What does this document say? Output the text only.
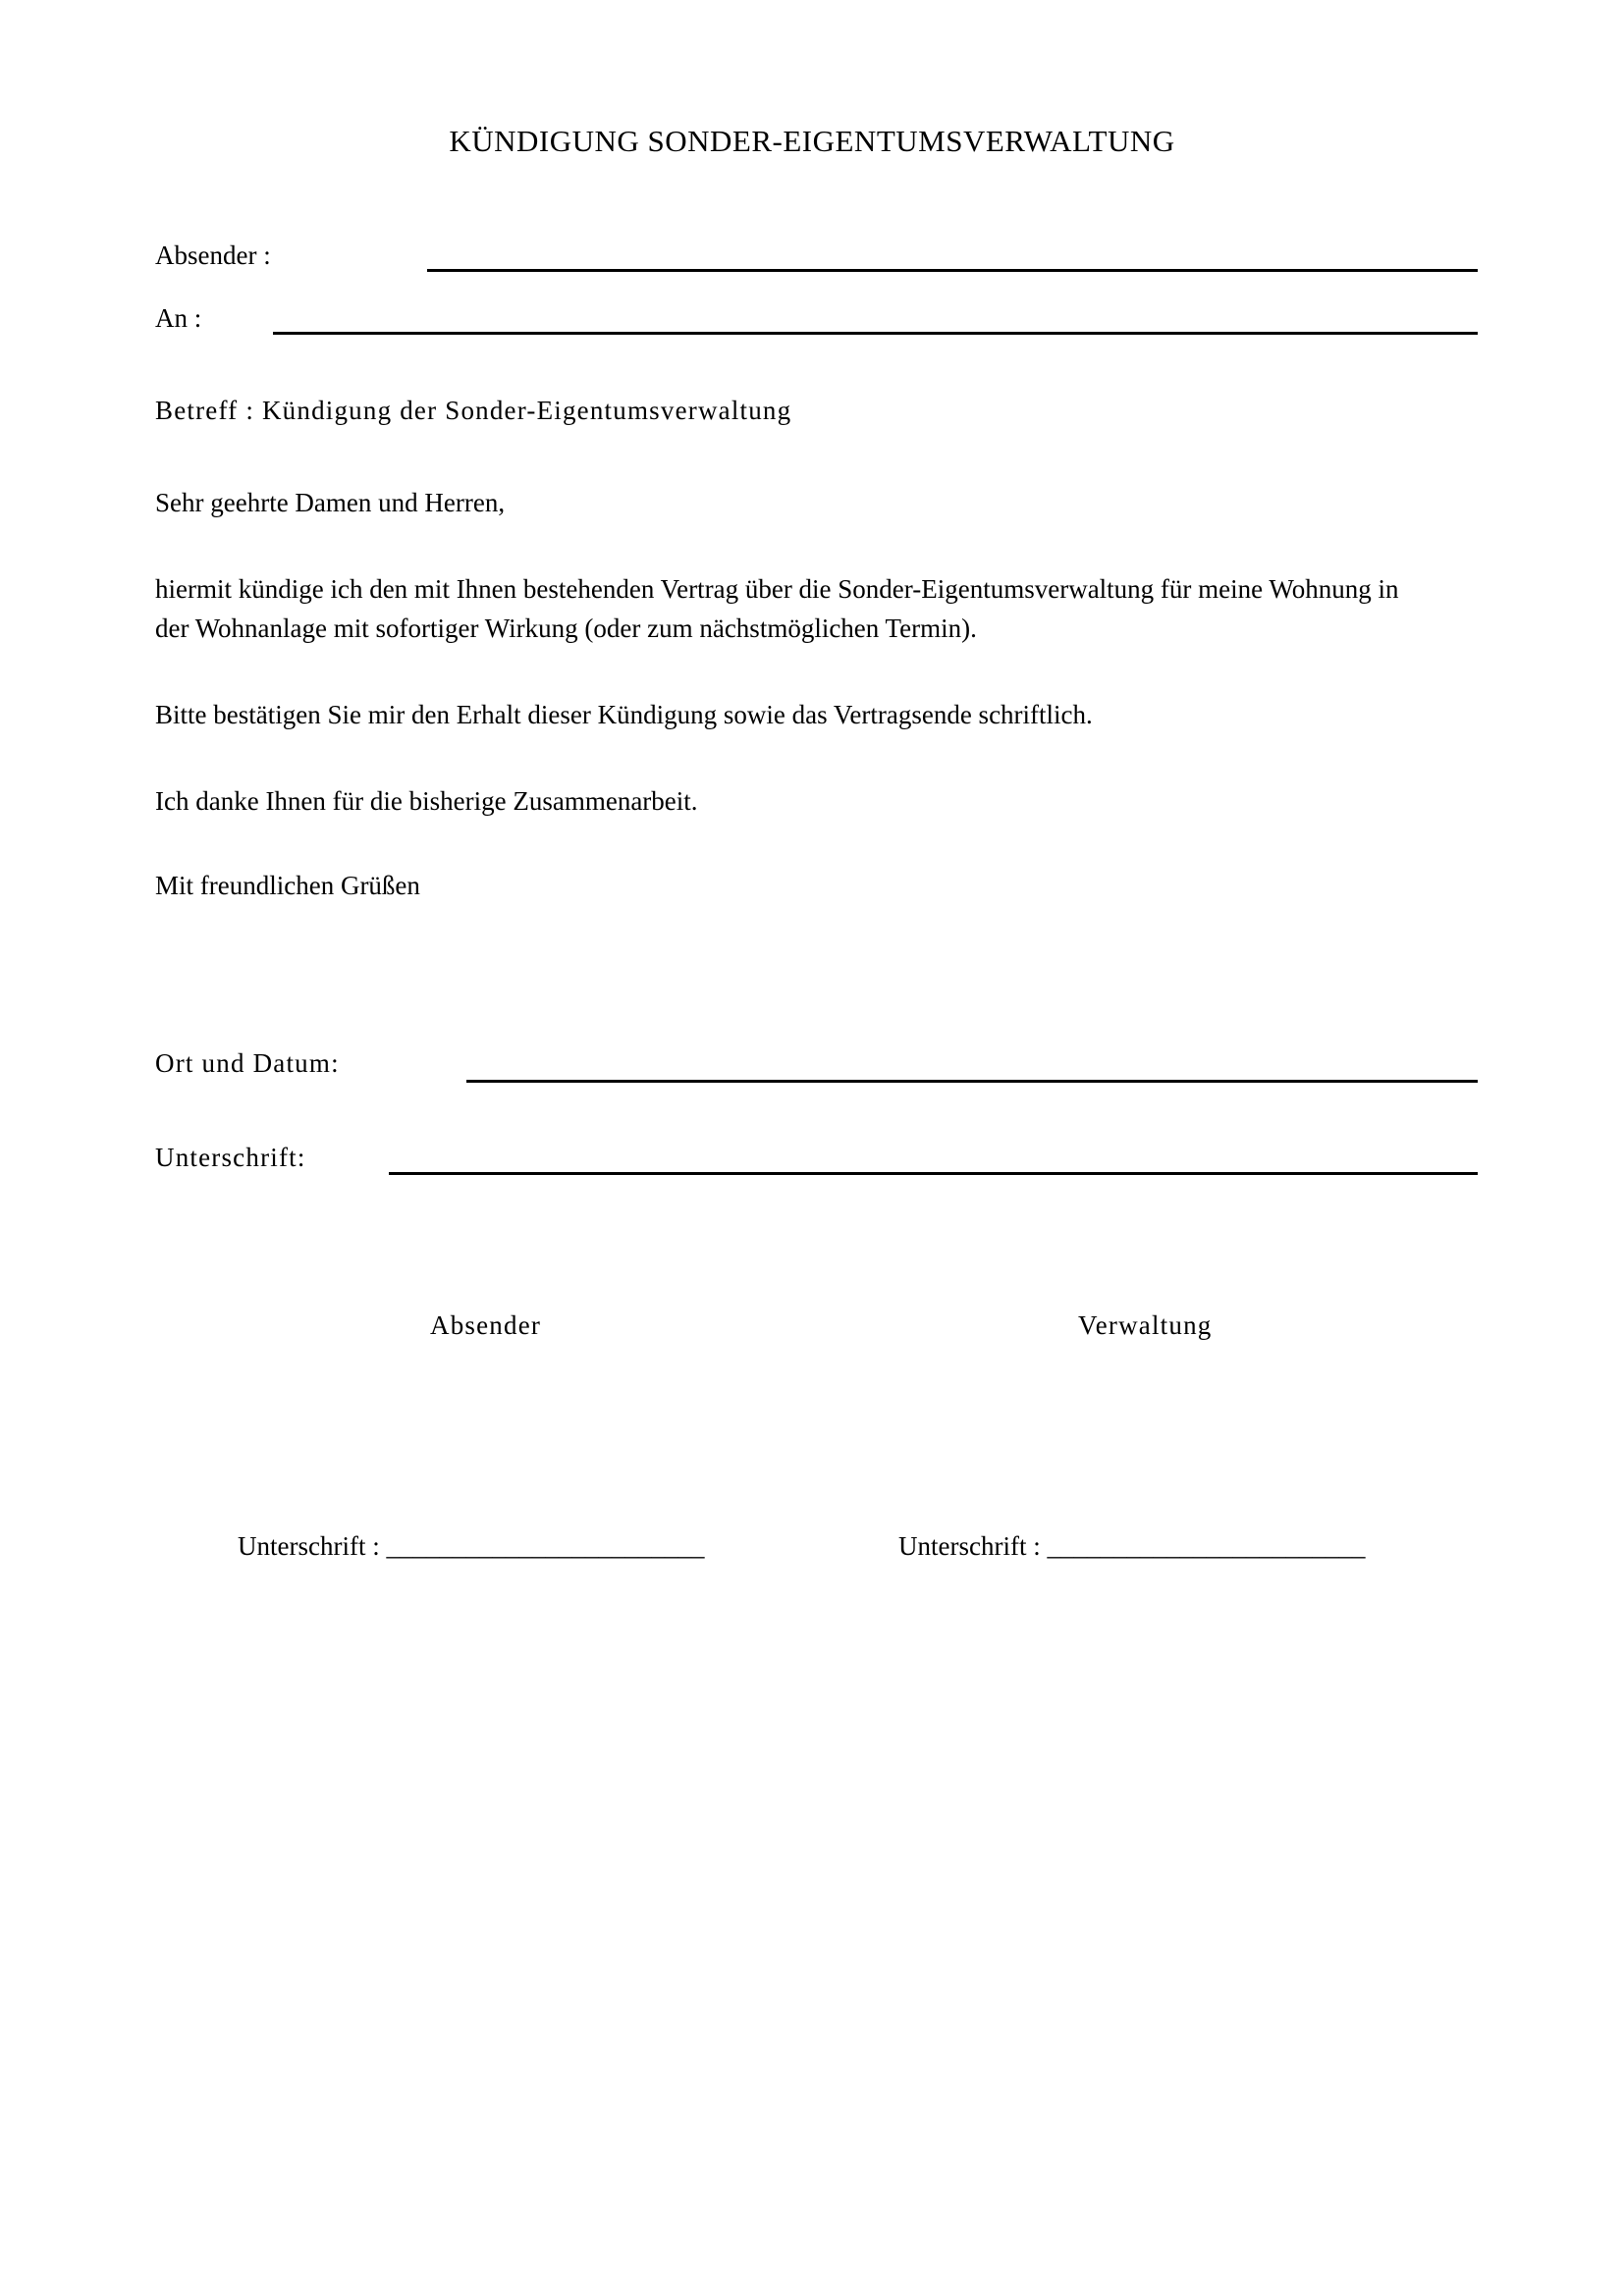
KÜNDIGUNG SONDER-EIGENTUMSVERWALTUNG
Absender :
An :
Betreff : Kündigung der Sonder-Eigentumsverwaltung
Sehr geehrte Damen und Herren,
hiermit kündige ich den mit Ihnen bestehenden Vertrag über die Sonder-Eigentumsverwaltung für meine Wohnung in
der Wohnanlage mit sofortiger Wirkung (oder zum nächstmöglichen Termin).
Bitte bestätigen Sie mir den Erhalt dieser Kündigung sowie das Vertragsende schriftlich.
Ich danke Ihnen für die bisherige Zusammenarbeit.
Mit freundlichen Grüßen
Ort und Datum:
Unterschrift:
Absender	Verwaltung
Unterschrift : ________________________	Unterschrift : ________________________
